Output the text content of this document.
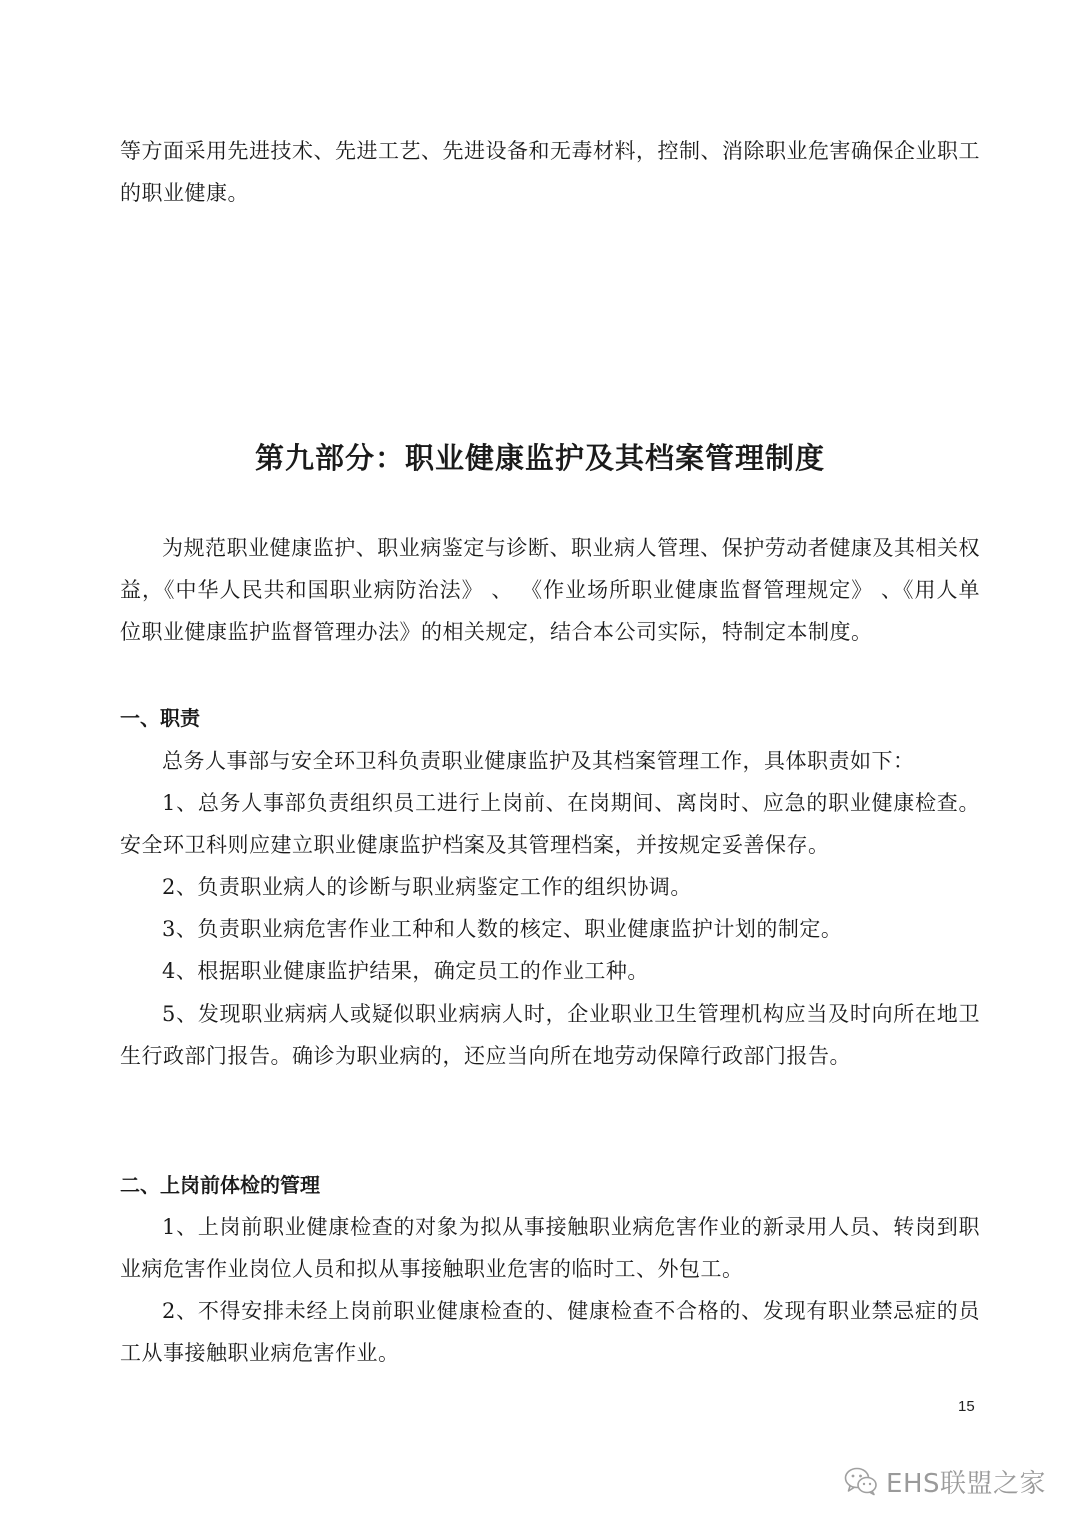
等方面采用先进技术、先进工艺、先进设备和无毒材料，控制、消除职业危害确保企业职工的职业健康。

第九部分：职业健康监护及其档案管理制度

为规范职业健康监护、职业病鉴定与诊断、职业病人管理、保护劳动者健康及其相关权益，《中华人民共和国职业病防治法》 、 《作业场所职业健康监督管理规定》 、《用人单位职业健康监护监督管理办法》的相关规定，结合本公司实际，特制定本制度。

一、职责

总务人事部与安全环卫科负责职业健康监护及其档案管理工作，具体职责如下：

1、总务人事部负责组织员工进行上岗前、在岗期间、离岗时、应急的职业健康检查。安全环卫科则应建立职业健康监护档案及其管理档案，并按规定妥善保存。

2、负责职业病人的诊断与职业病鉴定工作的组织协调。

3、负责职业病危害作业工种和人数的核定、职业健康监护计划的制定。

4、根据职业健康监护结果，确定员工的作业工种。

5、发现职业病病人或疑似职业病病人时，企业职业卫生管理机构应当及时向所在地卫生行政部门报告。确诊为职业病的，还应当向所在地劳动保障行政部门报告。

二、上岗前体检的管理

1、上岗前职业健康检查的对象为拟从事接触职业病危害作业的新录用人员、转岗到职业病危害作业岗位人员和拟从事接触职业危害的临时工、外包工。

2、不得安排未经上岗前职业健康检查的、健康检查不合格的、发现有职业禁忌症的员工从事接触职业病危害作业。

15
EHS联盟之家
